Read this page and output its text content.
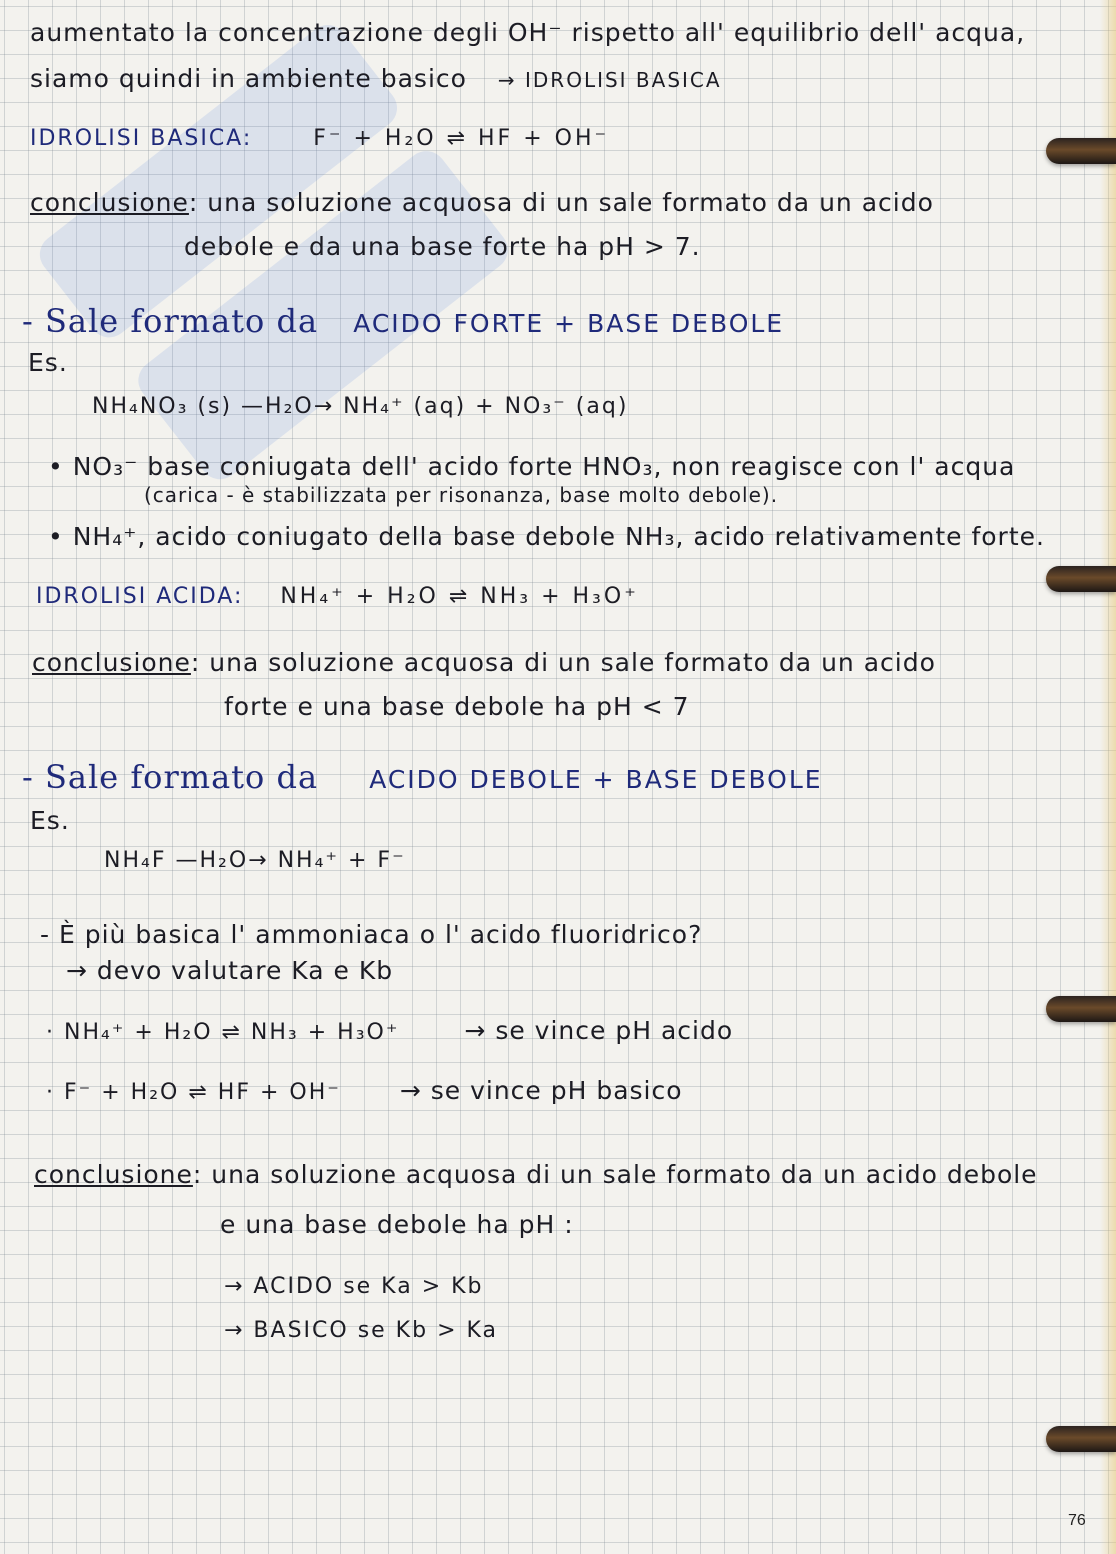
aumentato la concentrazione degli OH⁻ rispetto all' equilibrio dell' acqua,
siamo quindi in ambiente basico → IDROLISI BASICA
IDROLISI BASICA:	F⁻ + H₂O ⇌ HF + OH⁻
conclusione: una soluzione acquosa di un sale formato da un acido
debole e da una base forte ha pH > 7.
- Sale formato da ACIDO FORTE + BASE DEBOLE
Es.
NH₄NO₃ (s) —H₂O→ NH₄⁺ (aq) + NO₃⁻ (aq)
• NO₃⁻ base coniugata dell' acido forte HNO₃, non reagisce con l' acqua
(carica - è stabilizzata per risonanza, base molto debole).
• NH₄⁺, acido coniugato della base debole NH₃, acido relativamente forte.
IDROLISI ACIDA: NH₄⁺ + H₂O ⇌ NH₃ + H₃O⁺
conclusione: una soluzione acquosa di un sale formato da un acido
forte e una base debole ha pH < 7
- Sale formato da ACIDO DEBOLE + BASE DEBOLE
Es.
NH₄F —H₂O→ NH₄⁺ + F⁻
- È più basica l' ammoniaca o l' acido fluoridrico?
→ devo valutare Ka e Kb
· NH₄⁺ + H₂O ⇌ NH₃ + H₃O⁺	→ se vince pH acido
· F⁻ + H₂O ⇌ HF + OH⁻ → se vince pH basico
conclusione: una soluzione acquosa di un sale formato da un acido debole
e una base debole ha pH :
→ ACIDO se Ka > Kb
→ BASICO se Kb > Ka
76
